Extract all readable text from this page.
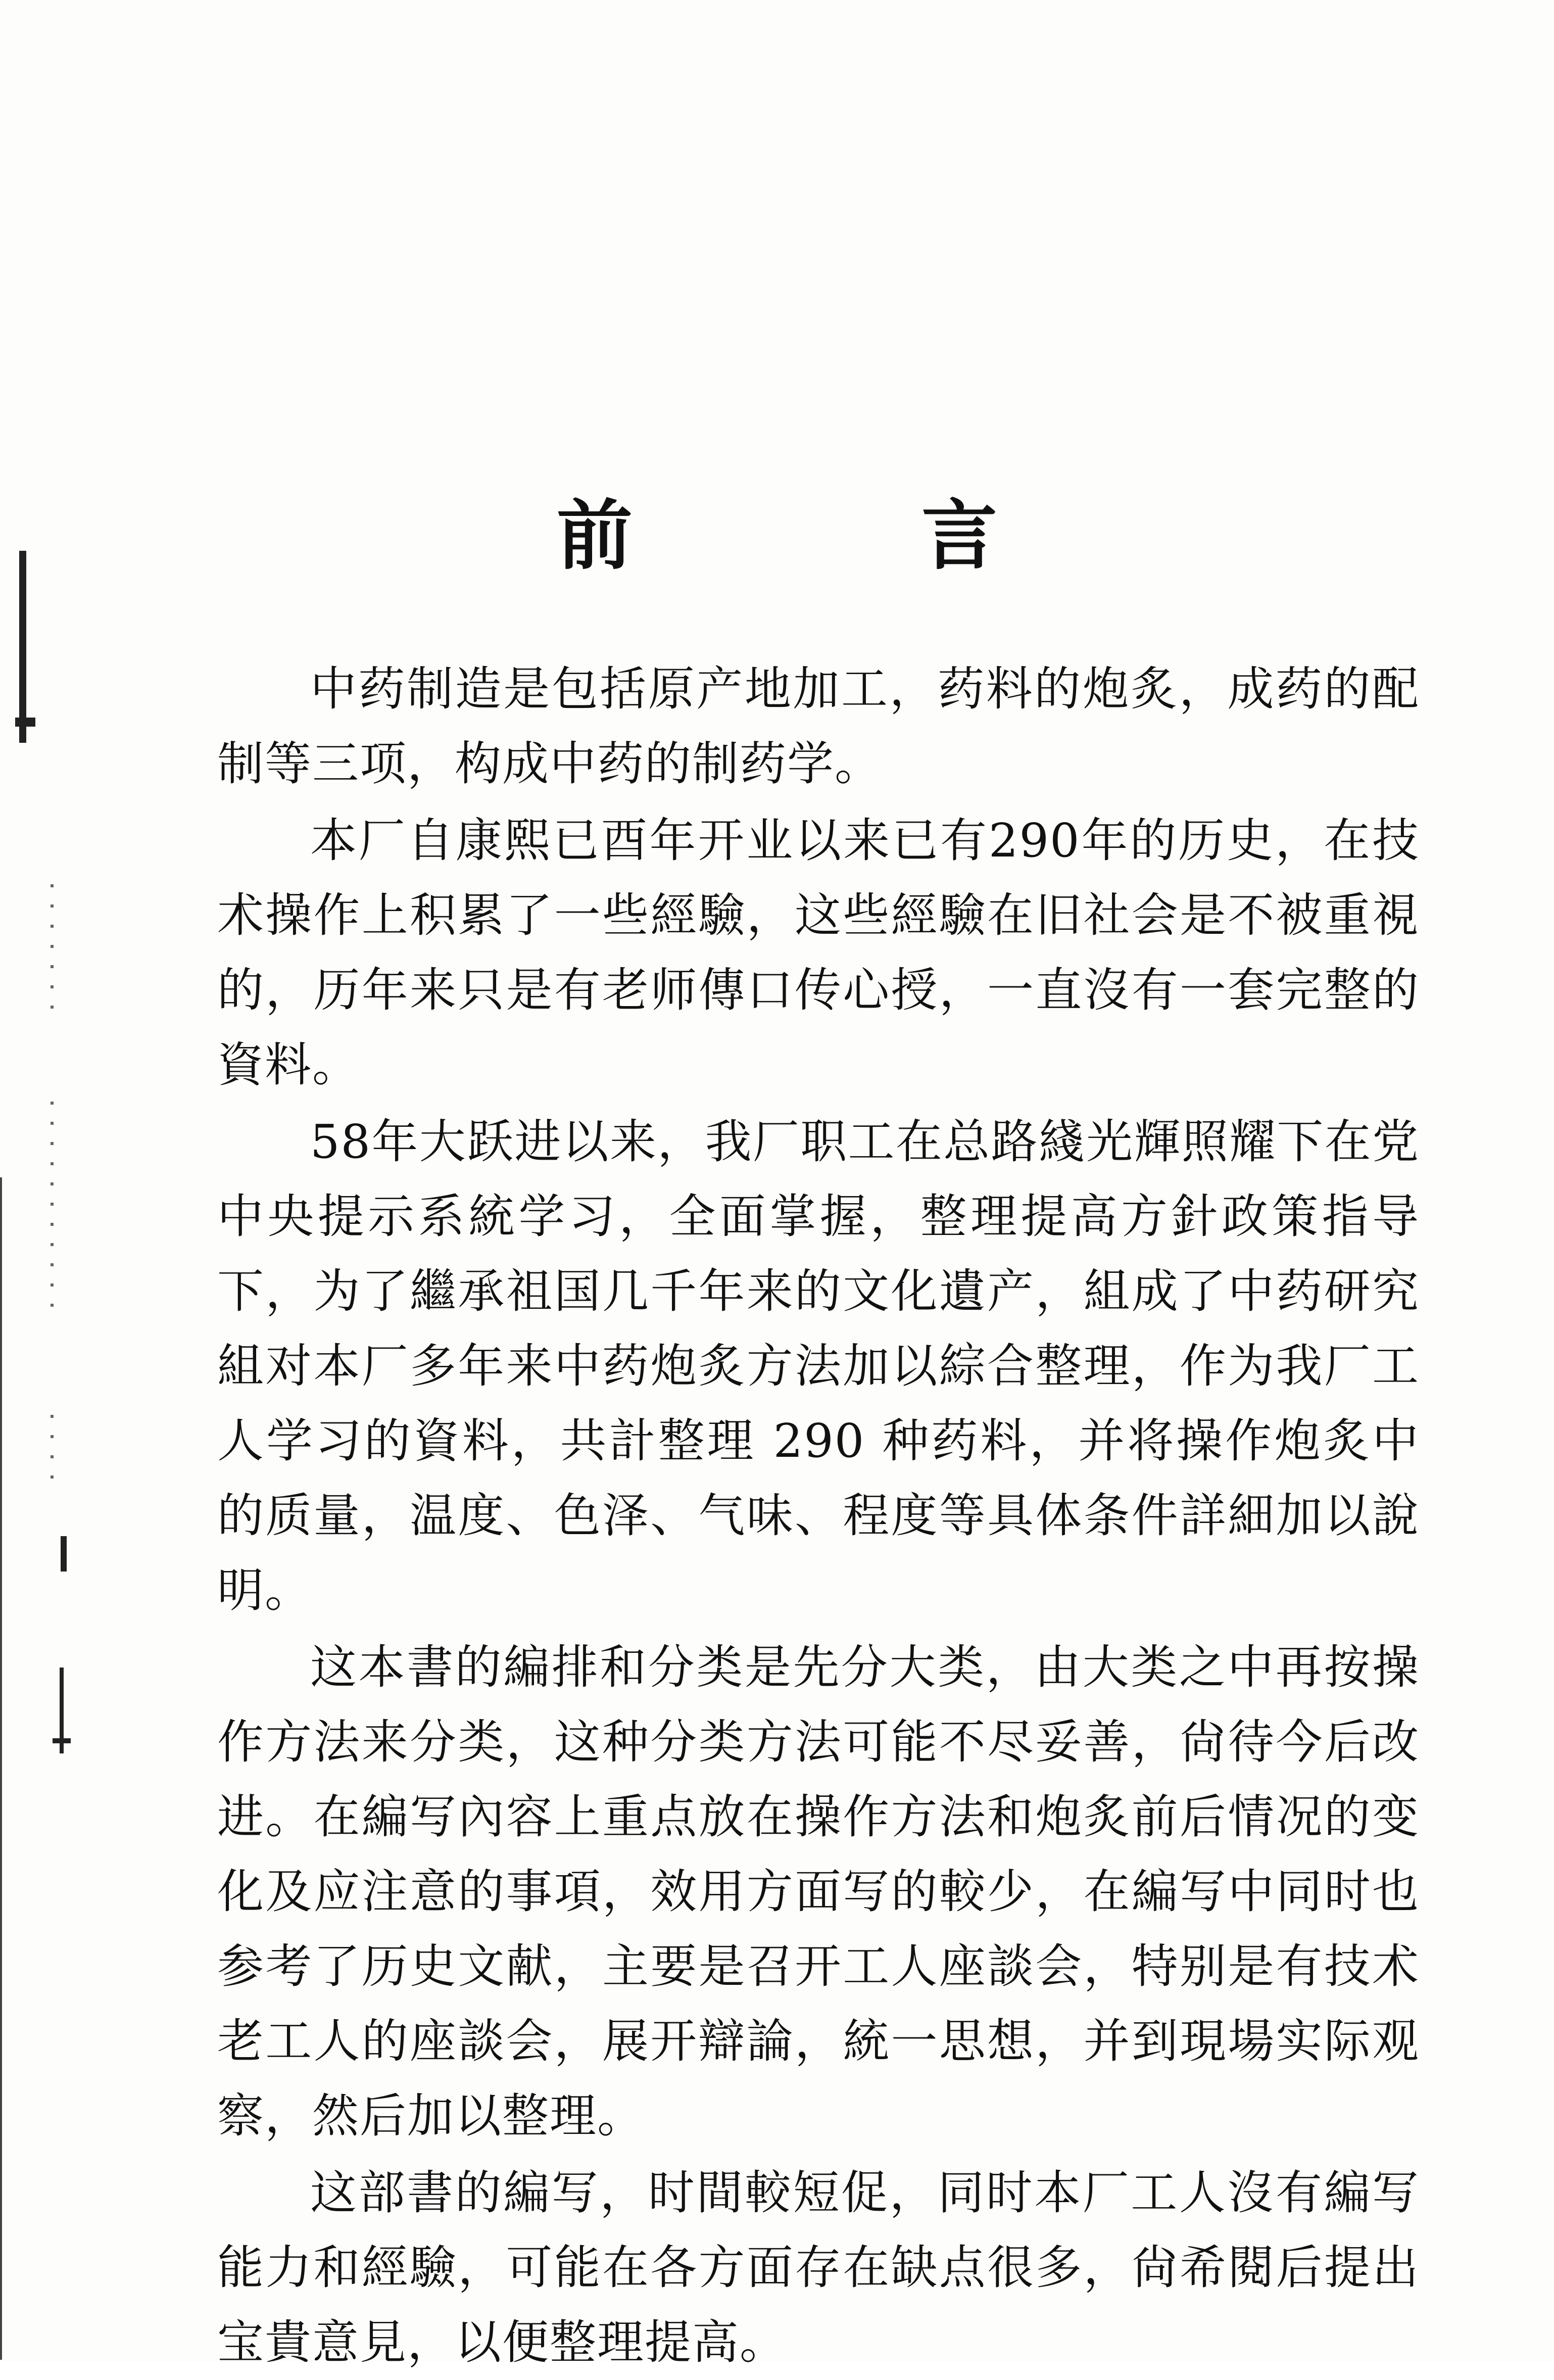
前 言

中药制造是包括原产地加工，药料的炮炙，成药的配制等三项，构成中药的制药学。

本厂自康熙已酉年开业以来已有290年的历史，在技术操作上积累了一些經驗，这些經驗在旧社会是不被重視的，历年来只是有老师傳口传心授，一直沒有一套完整的資料。

58年大跃进以来，我厂职工在总路綫光輝照耀下在党中央提示系統学习，全面掌握，整理提高方針政策指导下，为了繼承祖国几千年来的文化遺产，組成了中药研究組对本厂多年来中药炮炙方法加以綜合整理，作为我厂工人学习的資料，共計整理 290 种药料，并将操作炮炙中的质量，温度、色泽、气味、程度等具体条件詳細加以說明。

这本書的編排和分类是先分大类，由大类之中再按操作方法来分类，这种分类方法可能不尽妥善，尙待今后改进。在編写內容上重点放在操作方法和炮炙前后情况的变化及应注意的事項，效用方面写的較少，在編写中同时也参考了历史文献，主要是召开工人座談会，特别是有技术老工人的座談会，展开辯論，統一思想，并到現場实际观察，然后加以整理。

这部書的編写，时間較短促，同时本厂工人沒有編写能力和經驗，可能在各方面存在缺点很多，尙希閱后提出宝貴意見，以便整理提高。
